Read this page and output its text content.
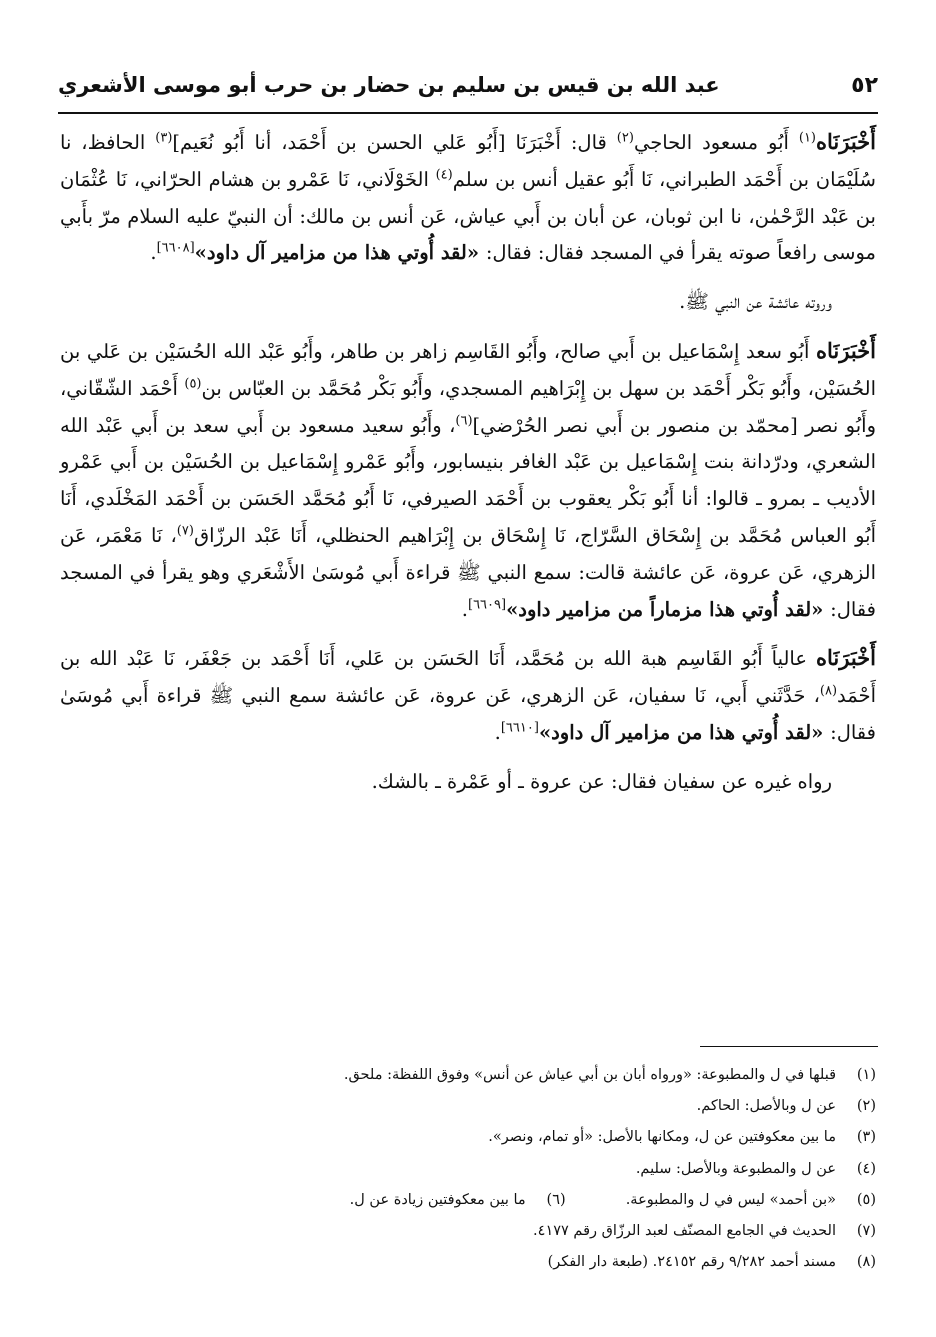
٥٢
عبد الله بن قيس بن سليم بن حضار بن حرب أبو موسى الأشعري

أَخْبَرَنَاه$^{(١)}$ أَبُو مسعود الحاجي$^{(٢)}$ قال: أَخْبَرَنَا [أَبُو عَلي الحسن بن أَحْمَد، أنا أَبُو نُعَيم]$^{(٣)}$ الحافظ، نا سُلَيْمَان بن أَحْمَد الطبراني، نَا أَبُو عقيل أنس بن سلم$^{(٤)}$ الخَوْلَاني، نَا عَمْرو بن هشام الحرّاني، نَا عُثْمَان بن عَبْد الرَّحْمٰن، نا ابن ثوبان، عن أبان بن أَبي عياش، عَن أنس بن مالك: أن النبيّ عليه السلام مرّ بأَبي موسى رافعاً صوته يقرأ في المسجد فقال: فقال: «لقد أُوتي هذا من مزامير آل داود»[٦٦٠٨].

وروته عائشة عن النبي ﷺ.

أَخْبَرَنَاه أَبُو سعد إِسْمَاعيل بن أَبي صالح، وأَبُو القَاسِم زاهر بن طاهر، وأَبُو عَبْد الله الحُسَيْن بن عَلي بن الحُسَيْن، وأَبُو بَكْر أَحْمَد بن سهل بن إِبْرَاهيم المسجدي، وأَبُو بَكْر مُحَمَّد بن العبّاس بن$^{(٥)}$ أَحْمَد الشّقّاني، وأَبُو نصر [محمّد بن منصور بن أَبي نصر الحُرْضي]$^{(٦)}$، وأَبُو سعيد مسعود بن أَبي سعد بن أَبي عَبْد الله الشعري، ودرّدانة بنت إِسْمَاعيل بن عَبْد الغافر بنيسابور، وأَبُو عَمْرو إِسْمَاعيل بن الحُسَيْن بن أَبي عَمْرو الأديب ـ بمرو ـ قالوا: أنا أَبُو بَكْر يعقوب بن أَحْمَد الصيرفي، نَا أَبُو مُحَمَّد الحَسَن بن أَحْمَد المَخْلَدي، أَنَا أَبُو العباس مُحَمَّد بن إِسْحَاق السَّرّاج، نَا إِسْحَاق بن إِبْرَاهيم الحنظلي، أَنَا عَبْد الرزّاق$^{(٧)}$، نَا مَعْمَر، عَن الزهري، عَن عروة، عَن عائشة قالت: سمع النبي ﷺ قراءة أَبي مُوسَىٰ الأَشْعَري وهو يقرأ في المسجد فقال: «لقد أُوتي هذا مزماراً من مزامير داود»[٦٦٠٩].

أَخْبَرَنَاه عالياً أَبُو القَاسِم هبة الله بن مُحَمَّد، أَنَا الحَسَن بن عَلي، أَنَا أَحْمَد بن جَعْفَر، نَا عَبْد الله بن أَحْمَد$^{(٨)}$، حَدَّثَني أَبي، نَا سفيان، عَن الزهري، عَن عروة، عَن عائشة سمع النبي ﷺ قراءة أَبي مُوسَىٰ فقال: «لقد أُوتي هذا من مزامير آل داود»[٦٦١٠].

رواه غيره عن سفيان فقال: عن عروة ـ أو عَمْرة ـ بالشك.

(١)
قبلها في ل والمطبوعة: «ورواه أبان بن أبي عياش عن أنس» وفوق اللفظة: ملحق.
(٢)
عن ل وبالأصل: الحاكم.
(٣)
ما بين معكوفتين عن ل، ومكانها بالأصل: «أو تمام، ونصر».
(٤)
عن ل والمطبوعة وبالأصل: سليم.
(٥)
«بن أحمد» ليس في ل والمطبوعة.
(٦)
ما بين معكوفتين زيادة عن ل.
(٧)
الحديث في الجامع المصنّف لعبد الرزّاق رقم ٤١٧٧.
(٨)
مسند أحمد ٩/٢٨٢ رقم ٢٤١٥٢. (طبعة دار الفكر)
